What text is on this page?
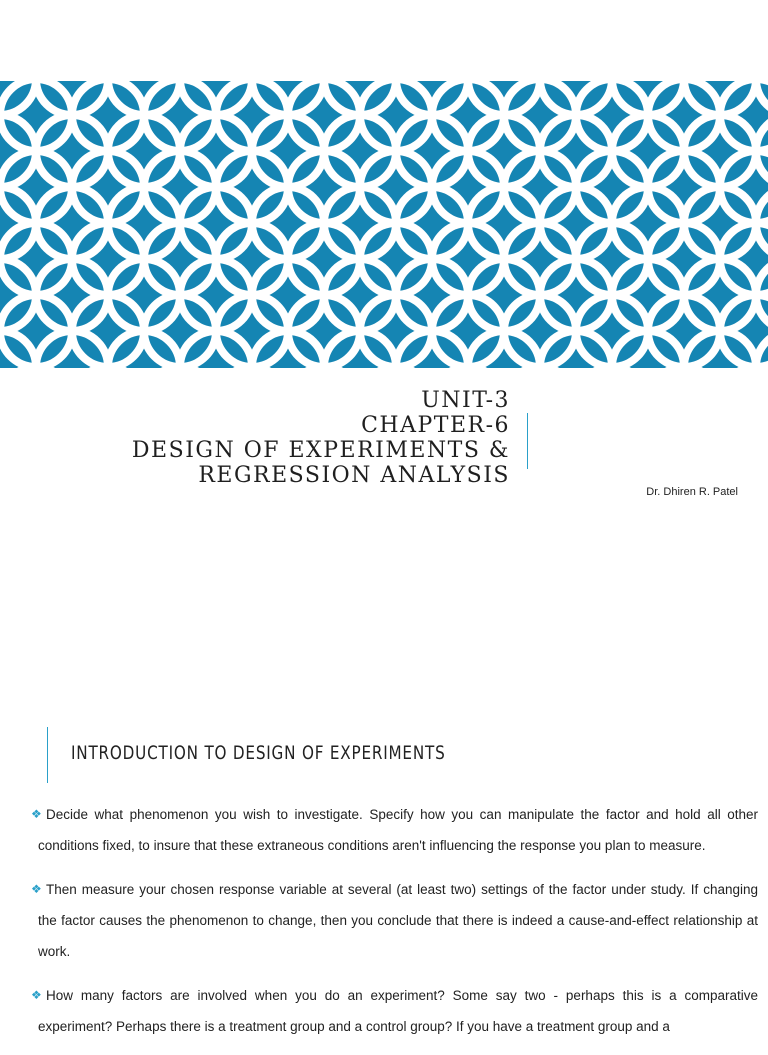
UNIT-3
CHAPTER-6
DESIGN OF EXPERIMENTS &
REGRESSION ANALYSIS
Dr. Dhiren R. Patel
INTRODUCTION TO DESIGN OF EXPERIMENTS
❖ Decide what phenomenon you wish to investigate. Specify how you can manipulate the factor and hold all other conditions fixed, to insure that these extraneous conditions aren't influencing the response you plan to measure.
❖ Then measure your chosen response variable at several (at least two) settings of the factor under study. If changing the factor causes the phenomenon to change, then you conclude that there is indeed a cause-and-effect relationship at work.
❖ How many factors are involved when you do an experiment? Some say two - perhaps this is a comparative experiment? Perhaps there is a treatment group and a control group? If you have a treatment group and a
